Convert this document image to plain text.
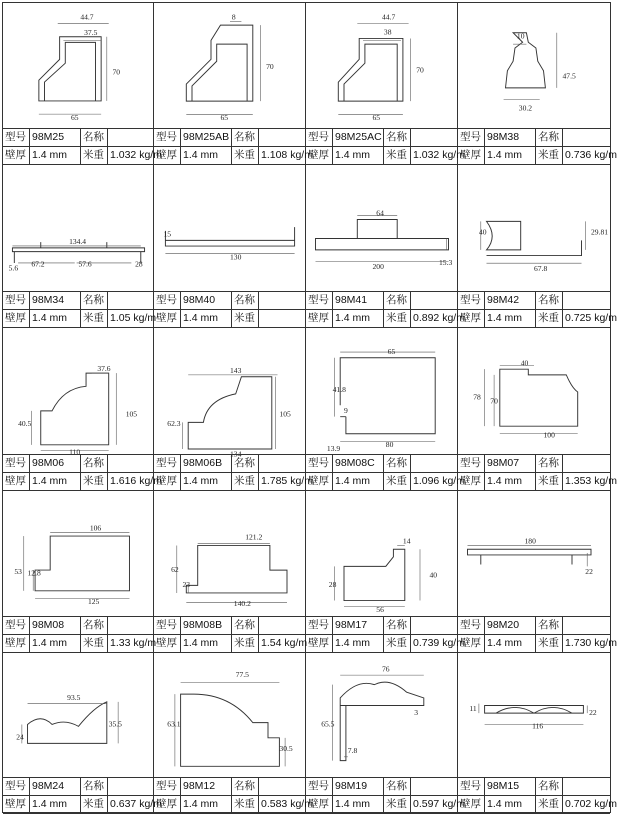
44.7
37.5
70
65
型号	98M25	名称	
壁厚	1.4 mm	米重	1.032 kg/m
8
70
65
型号	98M25AB	名称	
壁厚	1.4 mm	米重	1.108 kg/m
44.7
38
70
65
型号	98M25AC	名称	
壁厚	1.4 mm	米重	1.032 kg/m
10
47.5
30.2
型号	98M38	名称	
壁厚	1.4 mm	米重	0.736 kg/m
134.4
67.2	57.6	28
5.6
型号	98M34	名称	
壁厚	1.4 mm	米重	1.05 kg/m
15
130
型号	98M40	名称	
壁厚	1.4 mm	米重	
64
200	15.3
型号	98M41	名称	
壁厚	1.4 mm	米重	0.892 kg/m
40	29.81
67.8
型号	98M42	名称	
壁厚	1.4 mm	米重	0.725 kg/m
37.6
105
40.5
110
型号	98M06	名称	
壁厚	1.4 mm	米重	1.616 kg/m
143
105
62.3
134
型号	98M06B	名称	
壁厚	1.4 mm	米重	1.785 kg/m
65
41.8
9
80
13.9
型号	98M08C	名称	
壁厚	1.4 mm	米重	1.096 kg/m
40
78 70
100
型号	98M07	名称	
壁厚	1.4 mm	米重	1.353 kg/m
106
53 12.8
125
型号	98M08	名称	
壁厚	1.4 mm	米重	1.33 kg/m
121.2
62
23
140.2
型号	98M08B	名称	
壁厚	1.4 mm	米重	1.54 kg/m
14
28
40
56
型号	98M17	名称	
壁厚	1.4 mm	米重	0.739 kg/m
180
22
型号	98M20	名称	
壁厚	1.4 mm	米重	1.730 kg/m
93.5
24
35.5
型号	98M24	名称	
壁厚	1.4 mm	米重	0.637 kg/m
77.5
63.1
30.5
型号	98M12	名称	
壁厚	1.4 mm	米重	0.583 kg/m
76
65.5
3
7.8
型号	98M19	名称	
壁厚	1.4 mm	米重	0.597 kg/m
11	22
116
型号	98M15	名称	
壁厚	1.4 mm	米重	0.702 kg/m
